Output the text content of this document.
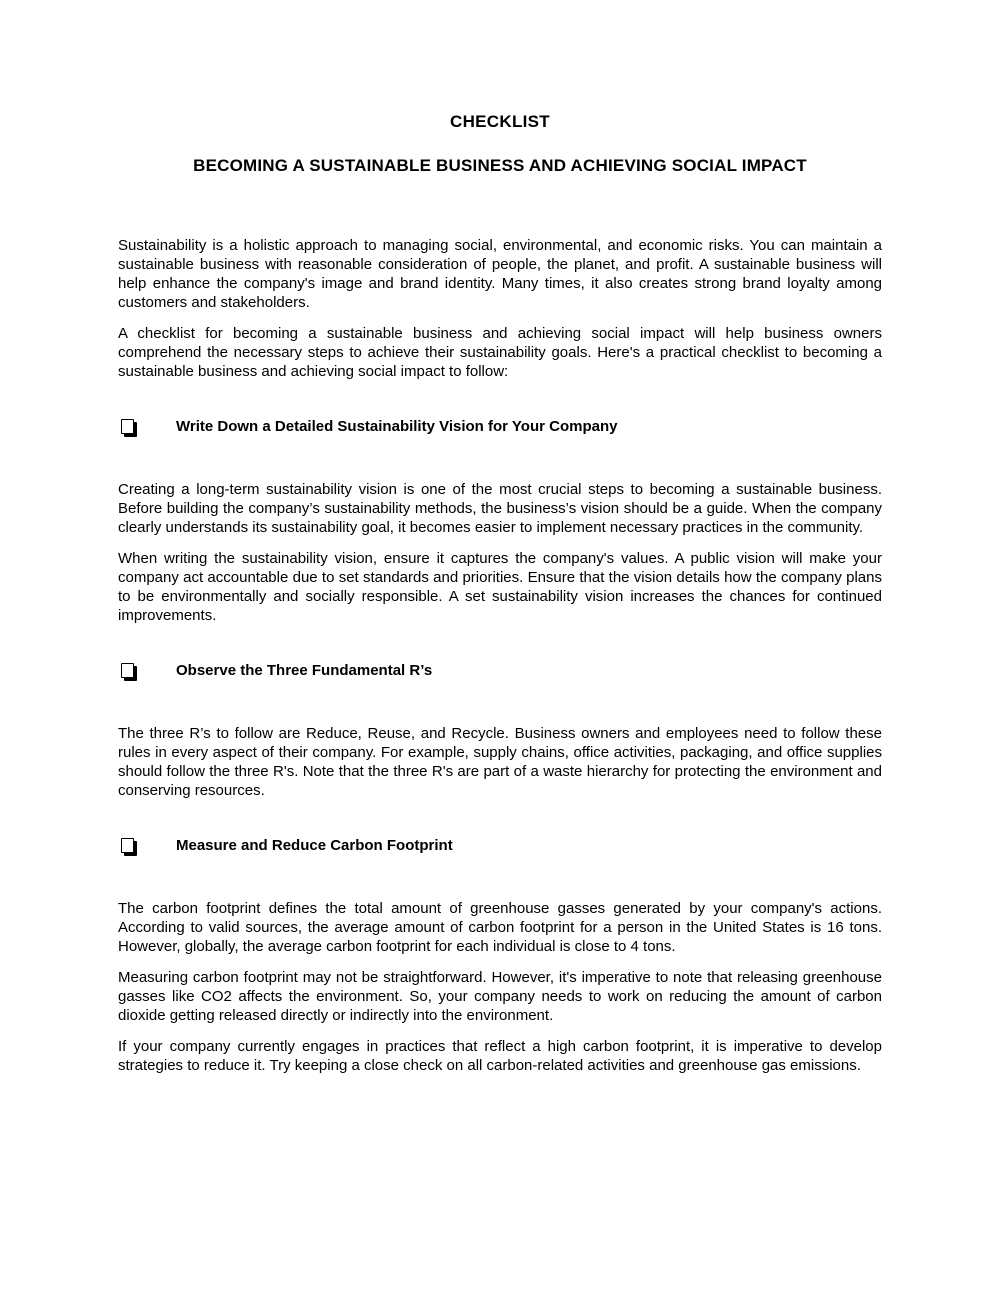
CHECKLIST
BECOMING A SUSTAINABLE BUSINESS AND ACHIEVING SOCIAL IMPACT

Sustainability is a holistic approach to managing social, environmental, and economic risks. You can maintain a sustainable business with reasonable consideration of people, the planet, and profit. A sustainable business will help enhance the company's image and brand identity. Many times, it also creates strong brand loyalty among customers and stakeholders.

A checklist for becoming a sustainable business and achieving social impact will help business owners comprehend the necessary steps to achieve their sustainability goals. Here's a practical checklist to becoming a sustainable business and achieving social impact to follow:

Write Down a Detailed Sustainability Vision for Your Company

Creating a long-term sustainability vision is one of the most crucial steps to becoming a sustainable business. Before building the company’s sustainability methods, the business’s vision should be a guide. When the company clearly understands its sustainability goal, it becomes easier to implement necessary practices in the community.

When writing the sustainability vision, ensure it captures the company's values. A public vision will make your company act accountable due to set standards and priorities. Ensure that the vision details how the company plans to be environmentally and socially responsible. A set sustainability vision increases the chances for continued improvements.

Observe the Three Fundamental R’s

The three R’s to follow are Reduce, Reuse, and Recycle. Business owners and employees need to follow these rules in every aspect of their company. For example, supply chains, office activities, packaging, and office supplies should follow the three R's. Note that the three R's are part of a waste hierarchy for protecting the environment and conserving resources.

Measure and Reduce Carbon Footprint

The carbon footprint defines the total amount of greenhouse gasses generated by your company's actions. According to valid sources, the average amount of carbon footprint for a person in the United States is 16 tons. However, globally, the average carbon footprint for each individual is close to 4 tons.

Measuring carbon footprint may not be straightforward. However, it's imperative to note that releasing greenhouse gasses like CO2 affects the environment. So, your company needs to work on reducing the amount of carbon dioxide getting released directly or indirectly into the environment.

If your company currently engages in practices that reflect a high carbon footprint, it is imperative to develop strategies to reduce it. Try keeping a close check on all carbon-related activities and greenhouse gas emissions.
